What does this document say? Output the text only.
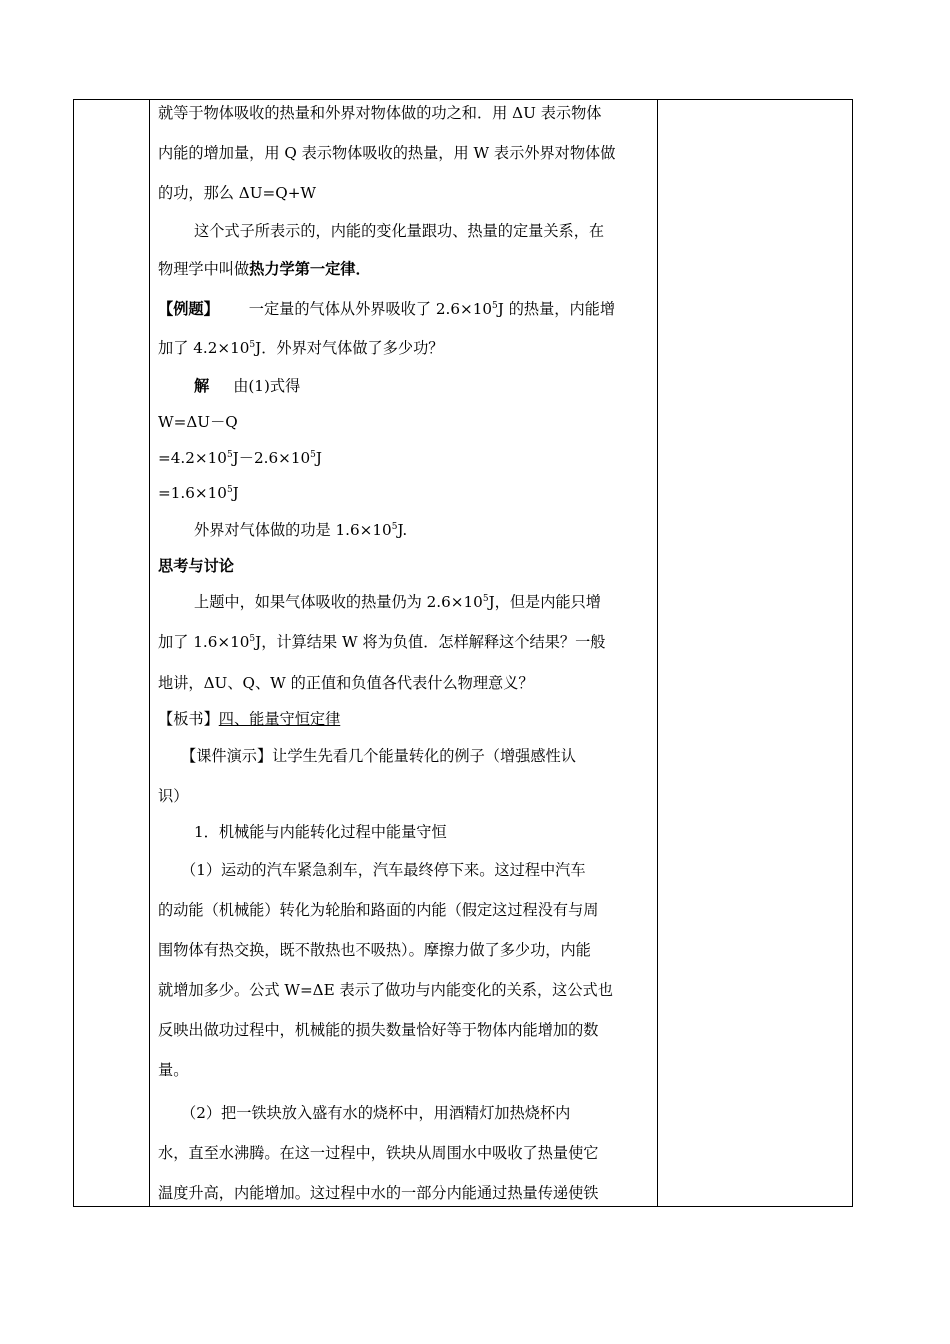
就等于物体吸收的热量和外界对物体做的功之和．用 ΔU 表示物体
内能的增加量，用 Q 表示物体吸收的热量，用 W 表示外界对物体做
的功，那么 ΔU=Q+W
这个式子所表示的，内能的变化量跟功、热量的定量关系，在
物理学中叫做热力学第一定律．
【例题】 一定量的气体从外界吸收了 $2.6\times 10^5J$ 的热量，内能增
加了 $4.2\times 10^5J$．外界对气体做了多少功？
解 由(1)式得
W=ΔU－Q
$=4.2\times 10^5J-2.6\times 10^5J$
$=1.6\times 10^5J$
外界对气体做的功是 $1.6\times 10^5J$.
思考与讨论
上题中，如果气体吸收的热量仍为 $2.6\times 10^5J$，但是内能只增
加了 $1.6\times 10^5J$，计算结果 W 将为负值．怎样解释这个结果？一般
地讲，ΔU、Q、W 的正值和负值各代表什么物理意义？
【板书】四、能量守恒定律
【课件演示】让学生先看几个能量转化的例子（增强感性认
识）
1．机械能与内能转化过程中能量守恒
（1）运动的汽车紧急刹车，汽车最终停下来。这过程中汽车
的动能（机械能）转化为轮胎和路面的内能（假定这过程没有与周
围物体有热交换，既不散热也不吸热）。摩擦力做了多少功，内能
就增加多少。公式 W=ΔE 表示了做功与内能变化的关系，这公式也
反映出做功过程中，机械能的损失数量恰好等于物体内能增加的数
量。
（2）把一铁块放入盛有水的烧杯中，用酒精灯加热烧杯内
水，直至水沸腾。在这一过程中，铁块从周围水中吸收了热量使它
温度升高，内能增加。这过程中水的一部分内能通过热量传递使铁
